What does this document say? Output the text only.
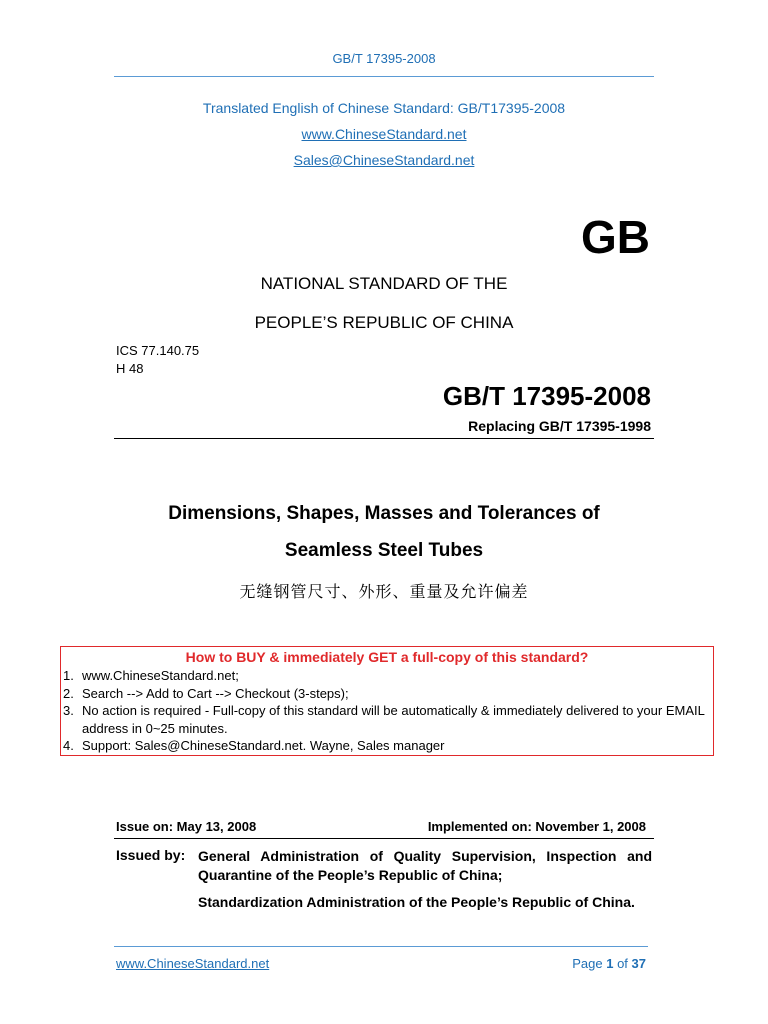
GB/T 17395-2008
Translated English of Chinese Standard: GB/T17395-2008
www.ChineseStandard.net
Sales@ChineseStandard.net
GB
NATIONAL STANDARD OF THE
PEOPLE’S REPUBLIC OF CHINA
ICS 77.140.75
H 48
GB/T 17395-2008
Replacing GB/T 17395-1998
Dimensions, Shapes, Masses and Tolerances of
Seamless Steel Tubes
无缝钢管尺寸、外形、重量及允许偏差
How to BUY & immediately GET a full-copy of this standard?
1. www.ChineseStandard.net;
2. Search --> Add to Cart --> Checkout (3-steps);
3. No action is required - Full-copy of this standard will be automatically & immediately delivered to your EMAIL address in 0~25 minutes.
4. Support: Sales@ChineseStandard.net. Wayne, Sales manager
Issue on: May 13, 2008	Implemented on: November 1, 2008
Issued by: General Administration of Quality Supervision, Inspection and Quarantine of the People’s Republic of China;
Standardization Administration of the People’s Republic of China.
www.ChineseStandard.net	Page 1 of 37
